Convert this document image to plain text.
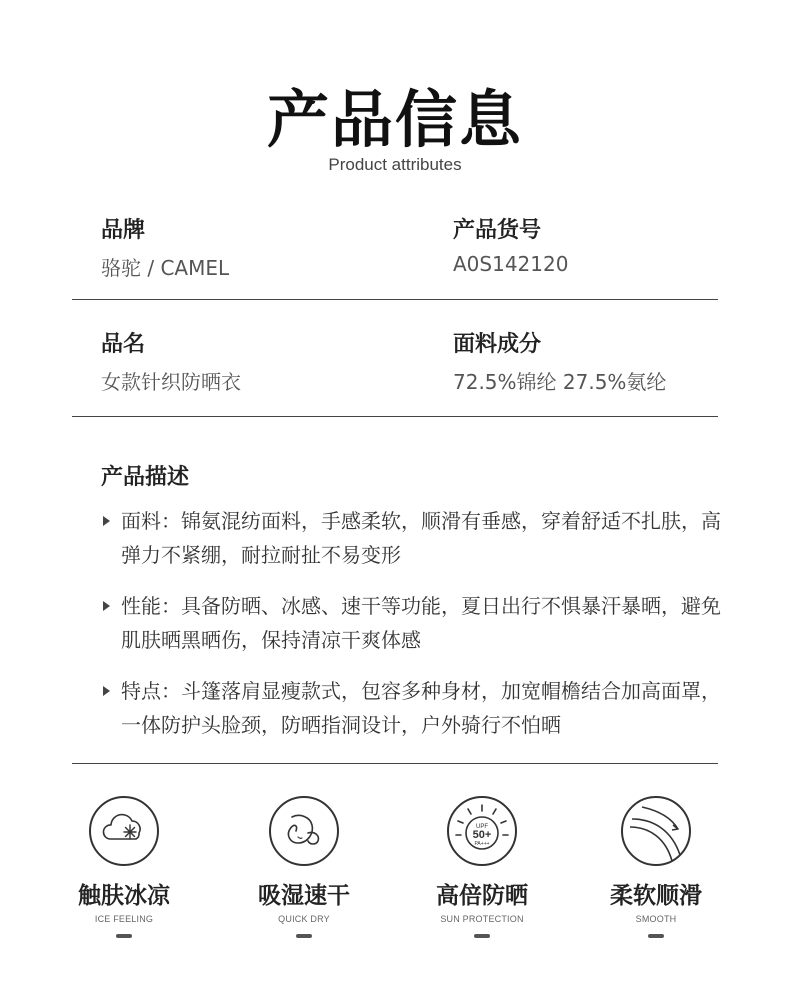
产品信息
Product attributes
品牌
骆驼 / CAMEL
产品货号
A0S142120
品名
女款针织防晒衣
面料成分
72.5%锦纶 27.5%氨纶
产品描述
面料：锦氨混纺面料，手感柔软，顺滑有垂感，穿着舒适不扎肤，高弹力不紧绷，耐拉耐扯不易变形
性能：具备防晒、冰感、速干等功能，夏日出行不惧暴汗暴晒，避免肌肤晒黑晒伤，保持清凉干爽体感
特点：斗篷落肩显瘦款式，包容多种身材，加宽帽檐结合加高面罩，一体防护头脸颈，防晒指洞设计，户外骑行不怕晒
触肤冰凉
ICE FEELING
吸湿速干
QUICK DRY
UPF
50+
PA+++
高倍防晒
SUN PROTECTION
柔软顺滑
SMOOTH
